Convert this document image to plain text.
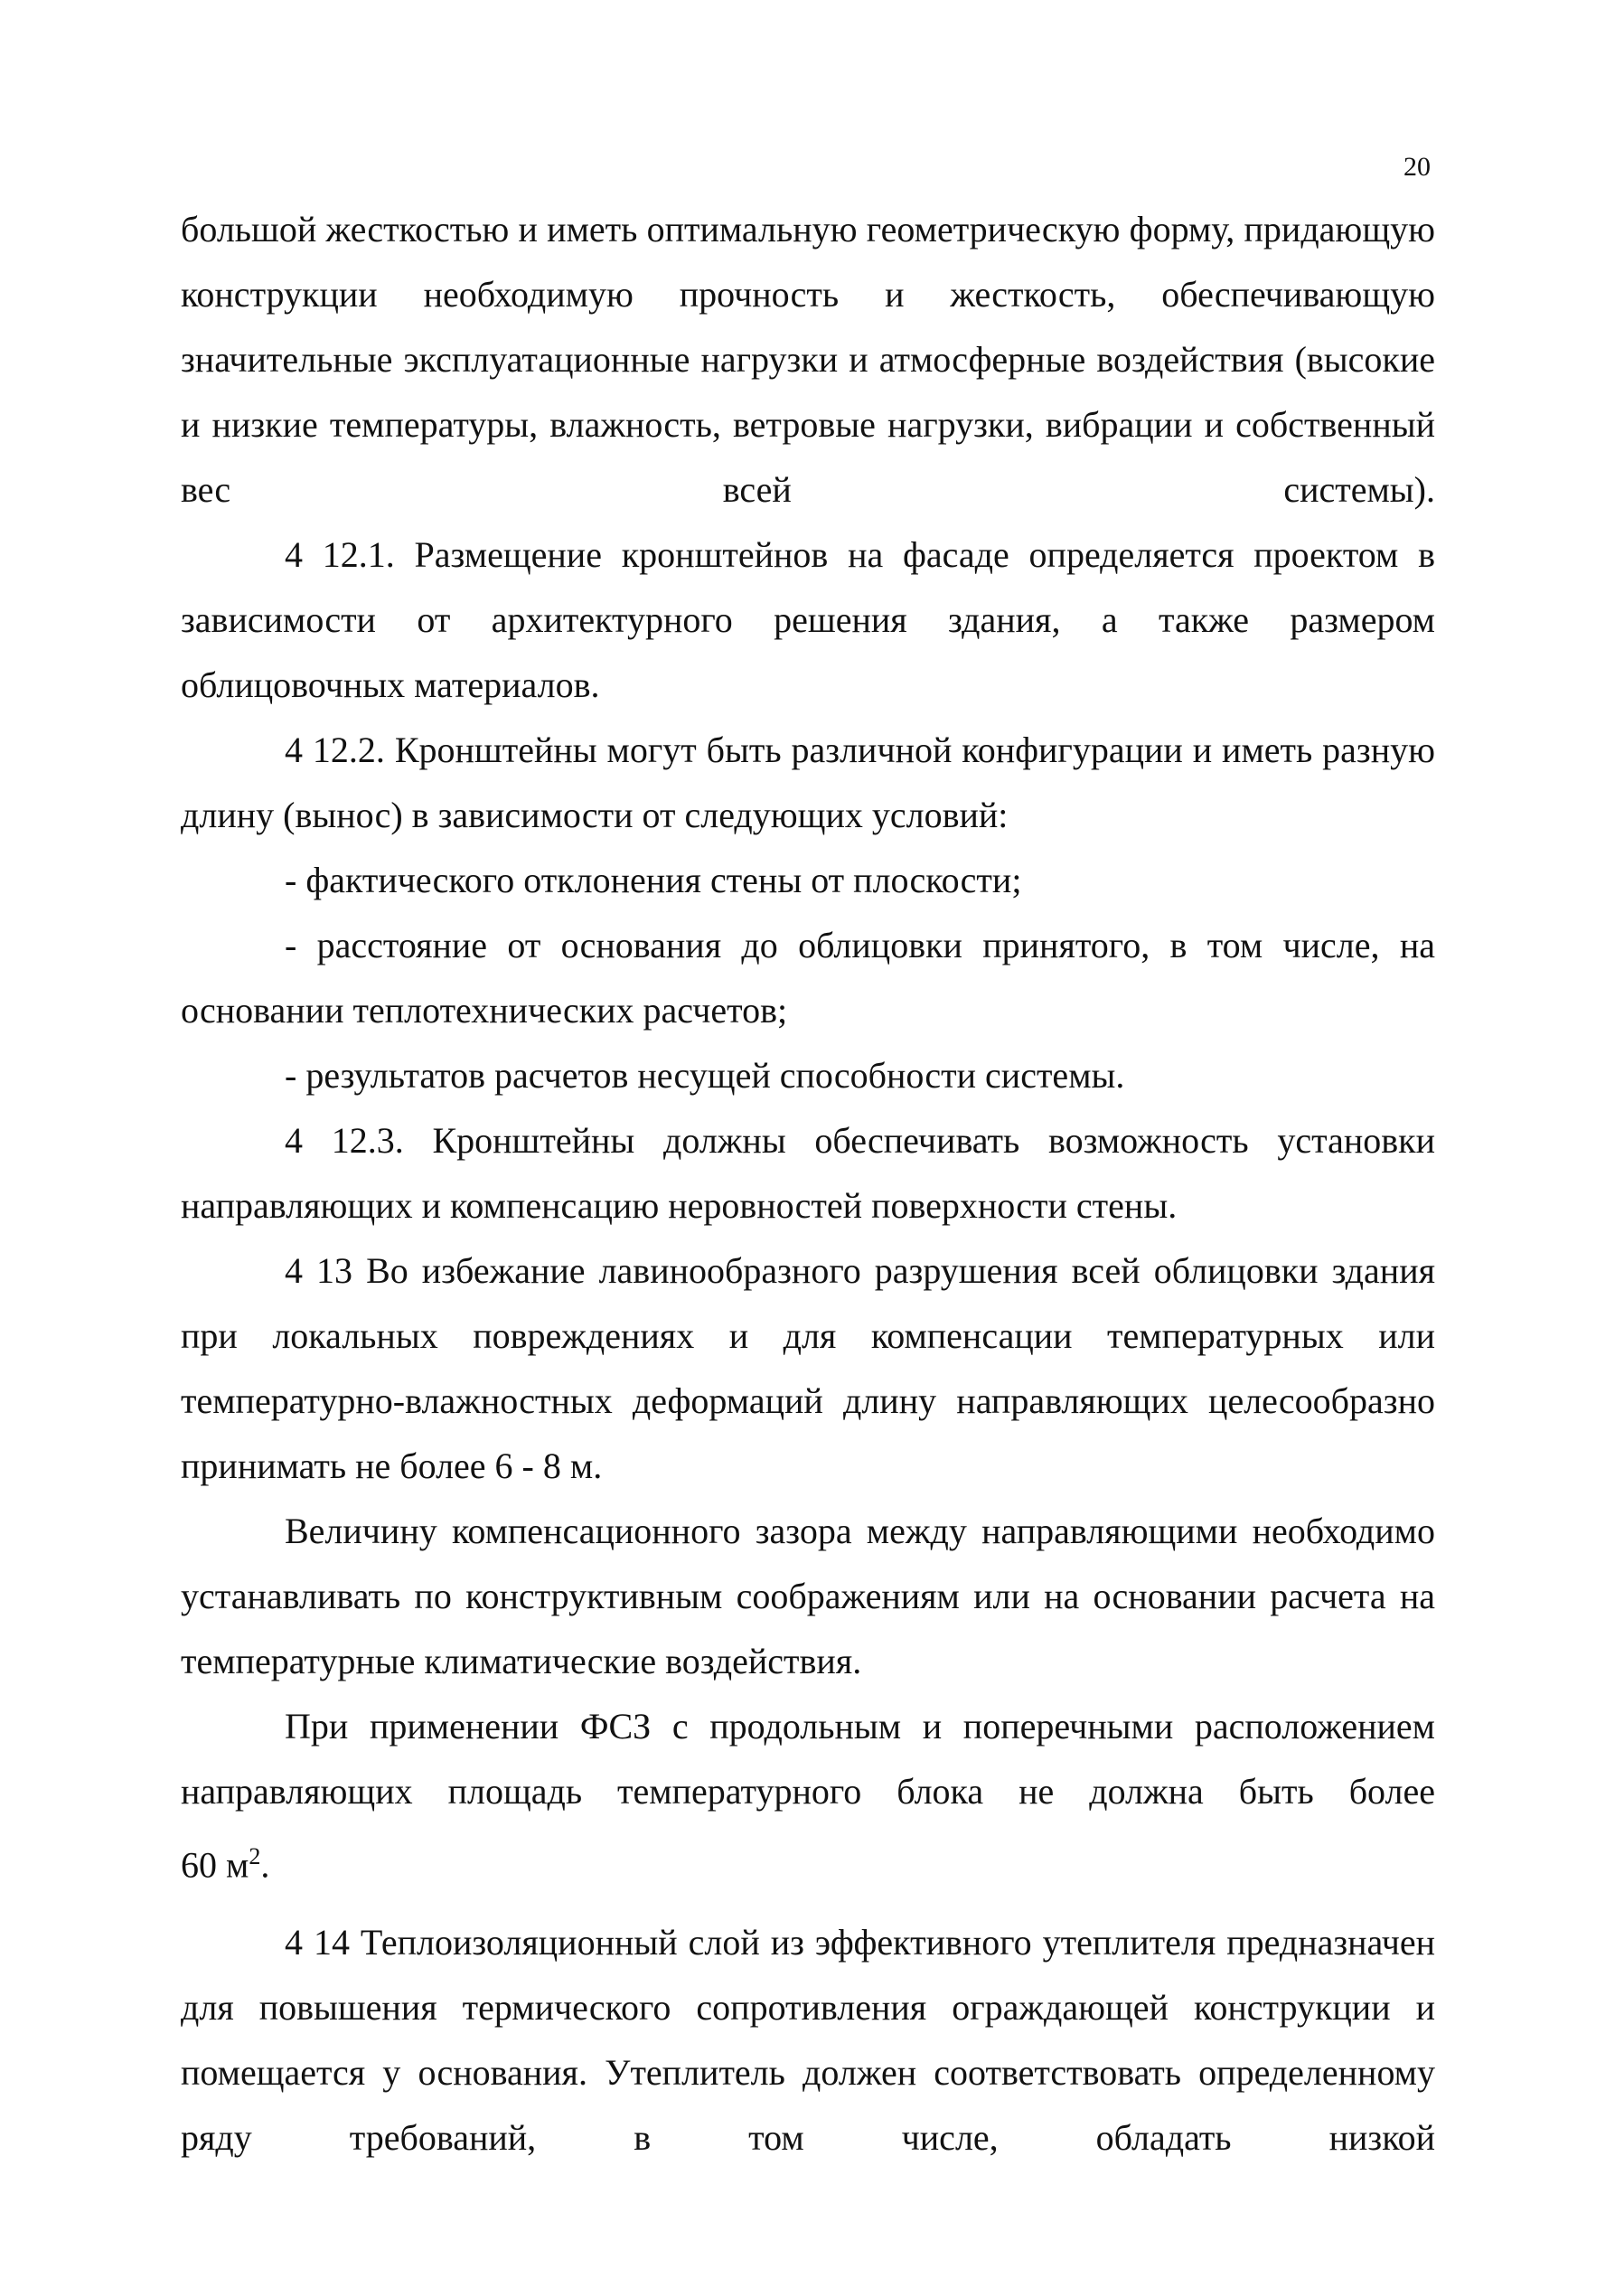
20

большой жесткостью и иметь оптимальную геометрическую форму, придающую конструкции необходимую прочность и жесткость, обеспечивающую значительные эксплуатационные нагрузки и атмосферные воздействия (высокие и низкие температуры, влажность, ветровые нагрузки, вибрации и собственный вес всей системы).

4 12.1. Размещение кронштейнов на фасаде определяется проектом в зависимости от архитектурного решения здания, а также размером облицовочных материалов.

4 12.2. Кронштейны могут быть различной конфигурации и иметь разную длину (вынос) в зависимости от следующих условий:

- фактического отклонения стены от плоскости;

- расстояние от основания до облицовки принятого, в том числе, на основании теплотехнических расчетов;

- результатов расчетов несущей способности системы.

4 12.3. Кронштейны должны обеспечивать возможность установки направляющих и компенсацию неровностей поверхности стены.

4 13 Во избежание лавинообразного разрушения всей облицовки здания при локальных повреждениях и для компенсации температурных или температурно-влажностных деформаций длину направляющих целесообразно принимать не более 6 - 8 м.

Величину компенсационного зазора между направляющими необходимо устанавливать по конструктивным соображениям или на основании расчета на температурные климатические воздействия.

При применении ФСЗ с продольным и поперечными расположением направляющих площадь температурного блока не должна быть более

60 $м^2$.

4 14 Теплоизоляционный слой из эффективного утеплителя предназначен для повышения термического сопротивления ограждающей конструкции и помещается у основания. Утеплитель должен соответствовать определенному ряду требований, в том числе, обладать низкой
